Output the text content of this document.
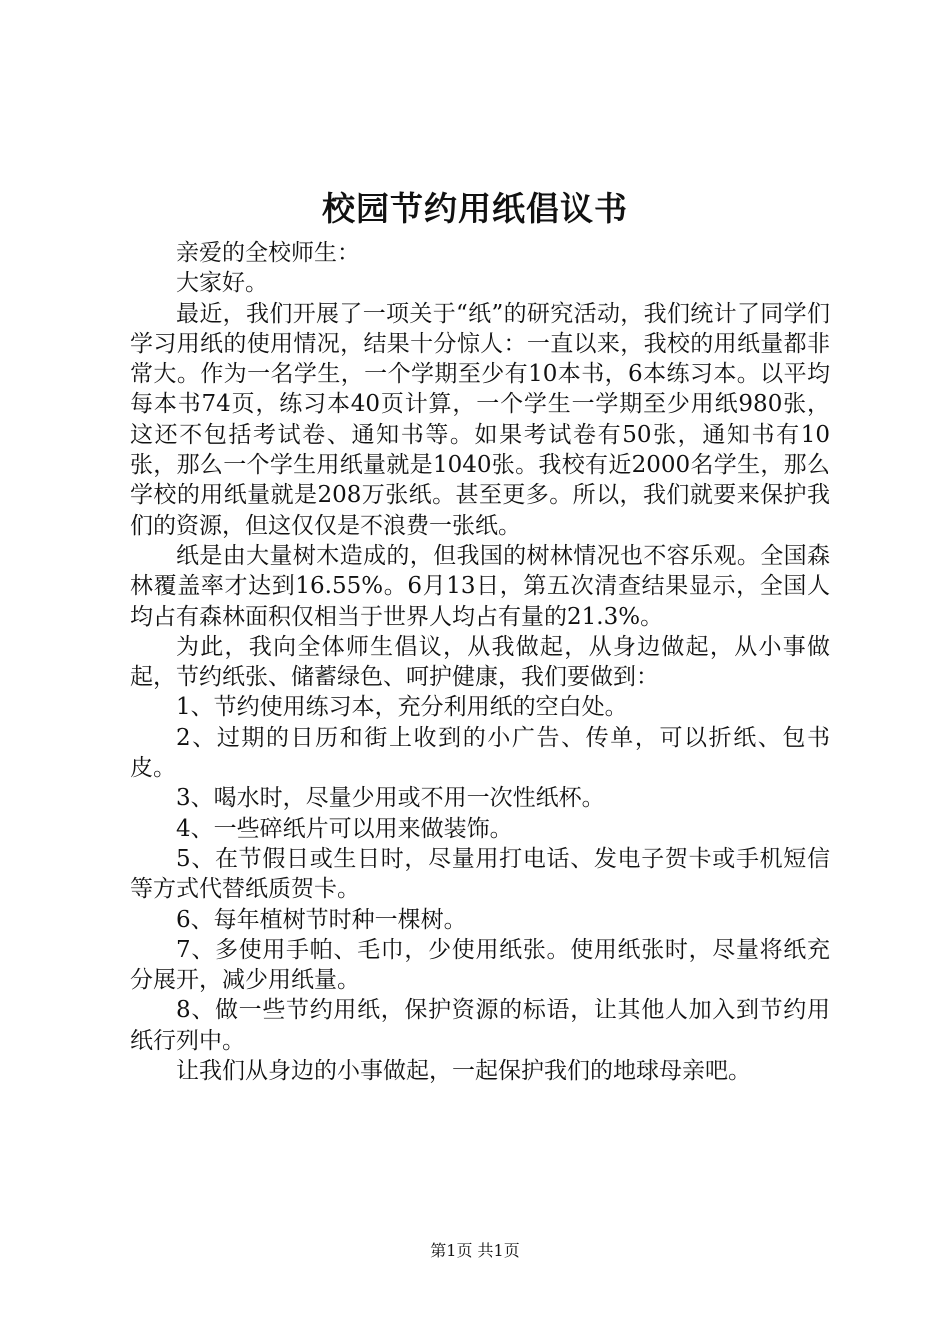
校园节约用纸倡议书

亲爱的全校师生：

大家好。

最近，我们开展了一项关于“纸”的研究活动，我们统计了同学们学习用纸的使用情况，结果十分惊人：一直以来，我校的用纸量都非常大。作为一名学生，一个学期至少有10本书，6本练习本。以平均每本书74页，练习本40页计算，一个学生一学期至少用纸980张，这还不包括考试卷、通知书等。如果考试卷有50张，通知书有10张，那么一个学生用纸量就是1040张。我校有近2000名学生，那么学校的用纸量就是208万张纸。甚至更多。所以，我们就要来保护我们的资源，但这仅仅是不浪费一张纸。

纸是由大量树木造成的，但我国的树林情况也不容乐观。全国森林覆盖率才达到16.55%。6月13日，第五次清查结果显示，全国人均占有森林面积仅相当于世界人均占有量的21.3%。

为此，我向全体师生倡议，从我做起，从身边做起，从小事做起，节约纸张、储蓄绿色、呵护健康，我们要做到：

1、节约使用练习本，充分利用纸的空白处。

2、过期的日历和街上收到的小广告、传单，可以折纸、包书皮。

3、喝水时，尽量少用或不用一次性纸杯。

4、一些碎纸片可以用来做装饰。

5、在节假日或生日时，尽量用打电话、发电子贺卡或手机短信等方式代替纸质贺卡。

6、每年植树节时种一棵树。

7、多使用手帕、毛巾，少使用纸张。使用纸张时，尽量将纸充分展开，减少用纸量。

8、做一些节约用纸，保护资源的标语，让其他人加入到节约用纸行列中。

让我们从身边的小事做起，一起保护我们的地球母亲吧。

第1页 共1页
